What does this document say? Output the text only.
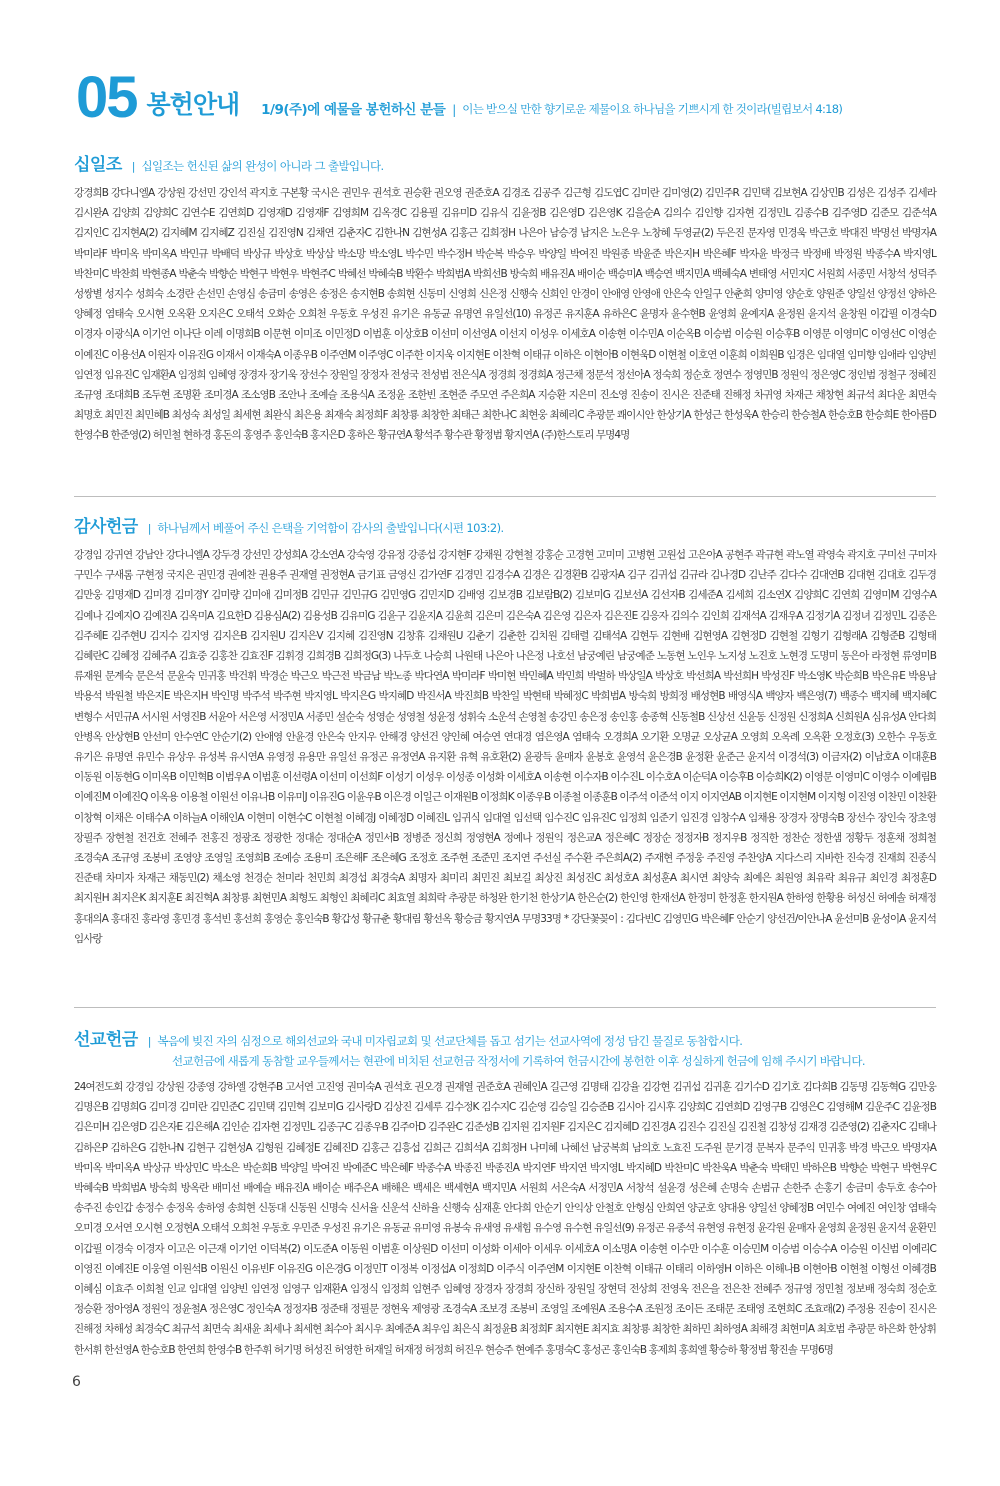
05 봉헌안내 1/9(주)에 예물을 봉헌하신 분들 | 이는 받으실 만한 향기로운 제물이요 하나님을 기쁘시게 한 것이라(빌립보서 4:18)
십일조 | 십일조는 헌신된 삶의 완성이 아니라 그 출발입니다.
강경희B 강다니엘A 강상원 강선민 강인석 곽지호 구본황 국시은 권민우 권석호 권승환 권오영 권준호A 김경조 김공주 김근형 김도엽C 김미란 김미영(2) 김민주R 김민택 김보현A 김상민B 김성은 김성주 김세라 김시완A 김양희 김양희C 김연수E 김연희D 김영재D 김영재F 김영희M 김옥경C 김용필 김유미D 김유식 김윤정B 김은영D 김은영K 김을순A 김의수 김인향 김자현 김정민L 김종수B 김주영D 김준모 김준석A 김지인C 김지현A(2) 김지혜M 김지혜Z 김진실 김진영N 김채연 김춘자C 김한나N 김현성A 김홍근 김희정H 나은아 남승경 남지은 노은우 노창혜 두영균(2) 두은진 문자영 민경욱 박근호 박대진 박명선 박명자A 박미라F 박미옥 박미옥A 박민규 박배덕 박상규 박상호 박상삼 박소망 박소영L 박수민 박수정H 박순복 박승우 박양일 박여진 박원종 박윤준 박은지H 박은혜F 박자윤 박정극 박정배 박정원 박종수A 박지영L 박찬미C 박찬희 박현종A 박춘숙 박향순 박현구 박현우 박현주C 박혜선 박혜숙B 박환수 박희범A 박희선B 방숙희 배유진A 배이순 백승미A 백승연 백지민A 백혜숙A 변태영 서민지C 서원희 서종민 서창석 성덕주 성쌍별 성지수 성희숙 소경란 손선민 손영심 송금미 송영은 송정은 송지현B 송희현 신동미 신영희 신은정 신행숙 신희인 안경이 안애영 안영애 안은숙 안일구 안춘희 양미영 양순호 양원준 양일선 양정선 양하은 양혜정 염태숙 오시현 오옥환 오지은C 오태석 오화순 오희천 우동호 우성진 유기은 유동균 유명연 유일선(10) 유정곤 유지훈A 유하은C 윤명자 윤수현B 윤영희 윤예지A 윤정원 윤지석 윤창원 이갑필 이경숙D 이경자 이광식A 이기언 이나단 이레 이명희B 이문현 이미조 이민정D 이범훈 이상호B 이선미 이선영A 이선지 이성우 이세호A 이송현 이수민A 이순옥B 이승범 이승원 이승후B 이영문 이영미C 이영선C 이영순 이예진C 이용선A 이원자 이유진G 이재서 이재숙A 이종우B 이주연M 이주영C 이주한 이지욱 이지현E 이찬혁 이태규 이하은 이현아B 이현욱D 이현철 이호연 이훈희 이희원B 임경은 임대열 임미향 임애라 임양빈 임연정 임유진C 임재환A 임정희 임혜영 장경자 장기욱 장선수 장원일 장정자 전성국 전성범 전은식A 정경희 정경희A 정근채 정문석 정선아A 정숙희 정순호 정연수 정영민B 정원익 정은영C 정인범 정철구 정혜진 조규영 조대희B 조두현 조명환 조미경A 조소영B 조안나 조예슬 조용식A 조정윤 조한빈 조현준 주모연 주은희A 지승환 지은미 진소영 진송이 진시은 진준태 진해정 차귀영 차재근 채창현 최규석 최다운 최면숙 최명호 최민진 최민혜B 최성숙 최성일 최세현 최완식 최은용 최재숙 최정희F 최창룡 최창한 최태근 최한나C 최현웅 최혜리C 추광문 쾌이시안 한상기A 한성근 한성욱A 한승리 한승철A 한승호B 한승희E 한아름D 한영수B 한준영(2) 허민철 현하경 홍돈의 홍영주 홍인숙B 홍지은D 홍하은 황규연A 황석주 황수관 황정범 황지연A (주)한스토리 무명4명
감사헌금 | 하나님께서 베풀어 주신 은택을 기억함이 감사의 출발입니다(시편 103:2).
강경임 강귀연 강남안 강다니엘A 강두경 강선민 강성희A 강소연A 강숙영 강유정 강종섭 강지현F 강채원 강현철 강홍순 고경현 고미미 고병현 고원섭 고은아A 공현주 곽규현 곽노열 곽영숙 곽지호 구미선 구미자 구민수 구새롬 구현정 국지은 권민경 권예찬 권용주 권재열 권정현A 금기표 금영신 김가연F 김경민 김경수A 김경은 김경환B 김광자A 김구 김귀섭 김규라 김나경D 김난주 김다수 김대연B 김대현 김대호 김두경 김만웅 김명재D 김미경 김미경Y 김미량 김미애 김미정B 김민규 김민규G 김민영G 김민지D 김배영 김보경B 김보람B(2) 김보미G 김보선A 김선자B 김세준A 김세희 김소연X 김양희C 김연희 김영미M 김영수A 김예나 김예지O 김예진A 김옥미A 김요한D 김용심A(2) 김용성B 김유미G 김윤구 김윤지A 김윤희 김은미 김은숙A 김은영 김은자 김은진E 김응자 김의수 김인희 김재석A 김재우A 김정기A 김정녀 김정민L 김종은 김주헤E 김주현U 김지수 김지영 김지은B 김지원U 김지은V 김지혜 김진영N 김창휴 김채원U 김춘기 김춘한 김치원 김태렬 김태석A 김현두 김현배 김현영A 김현정D 김현철 김형기 김형래A 김형준B 김형태 김혜란C 김혜정 김혜주A 김효중 김홍찬 김효진F 김휘경 김희경B 김희정G(3) 나두호 나승희 나원태 나은아 나은정 나호선 남궁예린 남궁예준 노동현 노인우 노지성 노진호 노현경 도명미 동은아 라정현 류영미B 류재원 문계숙 문은석 문윤숙 민귀홍 박건휘 박경순 박근오 박근전 박금남 박노종 박다연A 박미라F 박미현 박민혜A 박민희 박벌하 박상일A 박상호 박선희A 박선희H 박성진F 박소영K 박순희B 박은유E 박용남 박용석 박원철 박은지E 박은지H 박인명 박주석 박주현 박지영L 박지은G 박지혜D 박진서A 박진희B 박찬일 박현태 박혜정C 박희범A 방숙희 방희정 배성현B 배영식A 백양자 백은영(7) 백종수 백지혜 백지혜C 변형수 서민규A 서시원 서영진B 서윤아 서은영 서정민A 서종민 설순숙 성영순 성영철 성윤정 성휘숙 소운석 손영철 송강민 송은정 송인홍 송종혁 신동철B 신상선 신윤동 신정원 신정희A 신희원A 심유성A 안다희 안병옥 안상현B 안선미 안수연C 안순기(2) 안애영 안윤경 안은숙 안지우 안해경 양선건 양인혜 여승연 연대경 염은영A 염태숙 오경희A 오기환 오명균 오상균A 오영희 오옥례 오옥환 오정호(3) 오한수 우동호 유기은 유명연 유민수 유상우 유성복 유시연A 유영정 유용만 유일선 유정곤 유정연A 유지환 유혁 유호환(2) 윤광득 윤매자 윤봉호 윤영석 윤은경B 윤정환 윤준근 윤지석 이경석(3) 이금자(2) 이남호A 이대훈B 이동원 이동현G 이미옥B 이민혁B 이범우A 이범훈 이선령A 이선미 이선희F 이성기 이성우 이성종 이성화 이세호A 이송현 이수자B 이수진L 이수호A 이순덕A 이승후B 이승희K(2) 이영문 이영미C 이영수 이예림B 이예진M 이예진Q 이옥용 이용철 이원선 이유나B 이유미J 이유진G 이윤우B 이은경 이일근 이재원B 이정희K 이종우B 이종철 이종훈B 이주석 이준석 이지 이지연AB 이지현E 이지현M 이지형 이진영 이찬민 이찬환 이창혁 이채은 이태수A 이하늘A 이해인A 이현미 이현수C 이현철 이혜경J 이혜정D 이혜진L 임귀식 임대열 임선택 임수진C 임유진C 임정희 임준기 임진경 임창수A 임채용 장경자 장명숙B 장선수 장인숙 장초영 장필주 장현철 전건호 전혜주 전홍진 정광조 정광한 정대순 정대순A 정민서B 정병준 정신희 정영현A 정예나 정원익 정은교A 정은혜C 정장순 정정자B 정지우B 정직한 정찬순 정한샘 정황두 정훈채 정희철 조경숙A 조규영 조봉비 조영양 조영일 조영희B 조예승 조용미 조은해F 조은혜G 조정호 조주현 조준민 조지연 주선실 주수환 주은희A(2) 주재현 주정웅 주진영 주찬양A 지다스리 지바한 진숙경 진재희 진종식 진준태 차미자 차재근 채동민(2) 채소영 천경순 천미라 천민희 최경섭 최경숙A 최명자 최미리 최민진 최보길 최상진 최성진C 최성호A 최성훈A 최시연 최양숙 최예은 최원영 최유락 최유규 최인경 최정훈D 최지원H 최지은K 최지훈E 최진혁A 최창룡 최현민A 최형도 최형인 최혜리C 최효열 최희락 추광문 하청완 한기천 한상기A 한은순(2) 한인영 한재선A 한정미 한정훈 한지원A 한하영 한황용 허성신 허예솔 허재정 홍대의A 홍대진 홍라영 홍민경 홍석빈 홍선희 홍영순 홍인숙B 황갑성 황규춘 황대림 황선옥 황승금 황지연A 무명33명 * 강단꽃꽂이 : 김다빈C 김영민G 박은혜F 안순기 양선건/이안나A 윤선미B 윤성이A 윤지석 임사랑
선교헌금 | 복음에 빚진 자의 심정으로 해외선교와 국내 미자립교회 및 선교단체를 돕고 섬기는 선교사역에 정성 담긴 물질로 동참합시다.
선교헌금에 새롭게 동참할 교우들께서는 현관에 비치된 선교헌금 작정서에 기록하여 헌금시간에 봉헌한 이후 성실하게 헌금에 임해 주시기 바랍니다.
24여전도회 강경임 강상원 강종영 강하엘 강현주B 고서연 고진영 권미숙A 권석호 권오경 권재열 권준호A 권혜인A 길근영 김명태 김강율 김강현 김귀섭 김귀훈 김기수D 김기호 김다희B 김동명 김동혁G 김만웅 김명은B 김명희G 김미경 김미란 김민준C 김민택 김민혁 김보미G 김사랑D 김상진 김세루 김수정K 김수지C 김순영 김승일 김승준B 김시아 김시후 김양희C 김연희D 김영구B 김영은C 김영해M 김운주C 김윤정B 김은미H 김은영D 김은자E 김은해A 김인순 김자현 김정민L 김종구C 김종우B 김주아D 김주완C 김준성B 김지원 김지원F 김지은C 김지혜D 김진경A 김진수 김진실 김진철 김창성 김재경 김준영(2) 김춘자C 김태나 김하은P 김하은G 김한나N 김현구 김현성A 김형원 김혜정E 김혜진D 김홍근 김흥섭 김희근 김희석A 김희정H 나미혜 나혜선 남궁복희 남의호 노효진 도주원 문기경 문복자 문주익 민귀홍 박경 박근오 박명자A 박미옥 박미옥A 박상규 박상민C 박소은 박순희B 박양일 박여진 박예준C 박은혜F 박종수A 박종진 박종진A 박지연F 박지연 박지영L 박지혜D 박찬미C 박찬욱A 박춘숙 박태민 박하은B 박향순 박현구 박현우C 박혜숙B 박희범A 방숙희 방옥란 배미선 배예슬 배유진A 배이순 배주은A 배해은 백세은 백세현A 백지민A 서원희 서은숙A 서정민A 서창석 설윤경 성은혜 손명숙 손범규 손한주 손홍기 송금미 송두호 송수아 송주진 송인갑 송정수 송정옥 송하영 송희현 신동대 신동원 신명숙 신서율 신운석 신하율 신행숙 심재훈 안다희 안순기 안익상 안철호 안형심 안희연 양군호 양대용 양일선 양혜정B 여민수 여예진 여인창 염태숙 오미경 오서연 오시현 오정현A 오태석 오희천 우동호 우민준 우성진 유기은 유동균 유미영 유봉숙 유새영 유새힘 유수영 유수현 유일선(9) 유정곤 유종석 유현영 유현정 윤각원 윤매자 윤영희 윤정원 윤지석 윤환민 이갑필 이경숙 이경자 이고은 이근재 이기언 이덕복(2) 이도준A 이동원 이범훈 이상원D 이선미 이성화 이세아 이세우 이세호A 이소명A 이송현 이수만 이수훈 이승민M 이승범 이승수A 이승원 이신범 이예리C 이영진 이예진E 이웅열 이원석B 이원신 이유빈F 이유진G 이은경G 이정민T 이정복 이정섭A 이정희D 이주식 이주연M 이지현E 이찬혁 이태규 이태리 이하영H 이하은 이해나B 이현아B 이현철 이형선 이혜경B 이혜심 이효주 이희철 인교 임대열 임양빈 임연정 임영구 임재환A 임정식 임정희 임현주 임혜영 장경자 장경희 장신하 장원일 장현덕 전상희 전영욱 전은을 전은찬 전혜주 정규영 정민철 정보배 정숙희 정순호 정승환 정아영A 정원익 정윤철A 정은영C 정인숙A 정정자B 정준태 정필문 정현욱 제영광 조경숙A 조보경 조봉비 조영일 조예원A 조용수A 조원정 조이든 조태문 조태영 조현희C 조효래(2) 주정용 진송이 진시은 진해정 차해성 최경숙C 최규석 최면숙 최새윤 최세나 최세현 최수아 최시우 최예준A 최우임 최은식 최정윤B 최정희F 최지현E 최지효 최창룡 최창한 최하민 최하영A 최해경 최현미A 최호범 추광문 하은화 한상휘 한서휘 한선영A 한승호B 한연희 한영수B 한주휘 허기명 허성진 허영한 허재일 허재정 허정희 허진우 현승주 현예주 홍명숙C 홍성곤 홍인숙B 홍제희 홍희엘 황승하 황정범 황진솔 무명6명
6
